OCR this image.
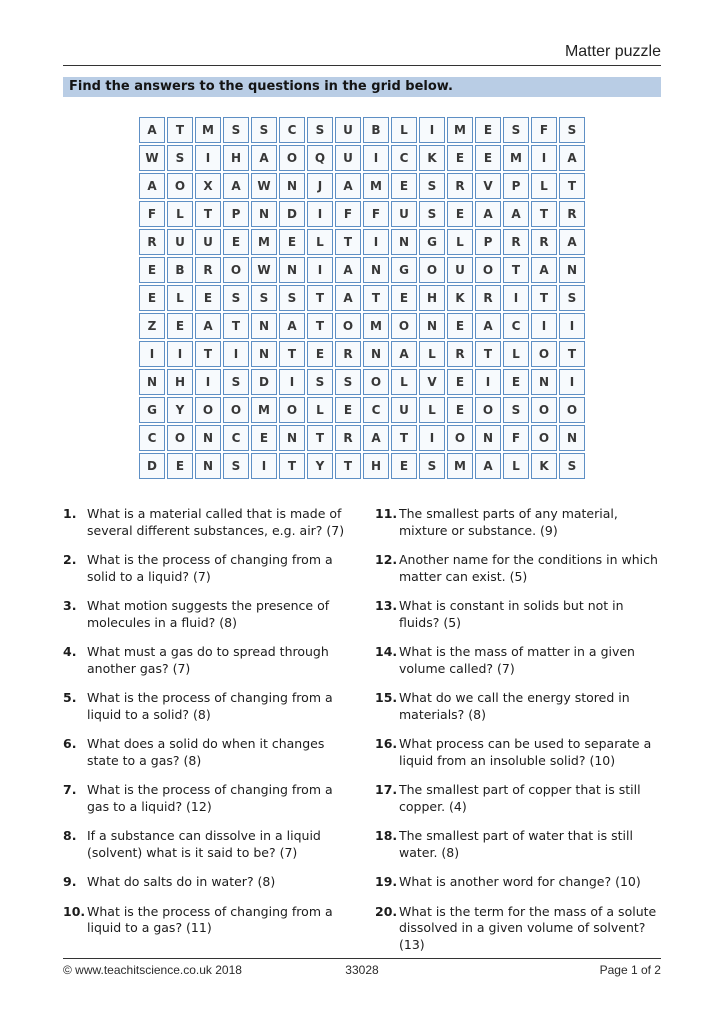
Matter puzzle
Find the answers to the questions in the grid below.
A	T	M	S	S	C	S	U	B	L	I	M	E	S	F	S
W	S	I	H	A	O	Q	U	I	C	K	E	E	M	I	A
A	O	X	A	W	N	J	A	M	E	S	R	V	P	L	T
F	L	T	P	N	D	I	F	F	U	S	E	A	A	T	R
R	U	U	E	M	E	L	T	I	N	G	L	P	R	R	A
E	B	R	O	W	N	I	A	N	G	O	U	O	T	A	N
E	L	E	S	S	S	T	A	T	E	H	K	R	I	T	S
Z	E	A	T	N	A	T	O	M	O	N	E	A	C	I	I
I	I	T	I	N	T	E	R	N	A	L	R	T	L	O	T
N	H	I	S	D	I	S	S	O	L	V	E	I	E	N	I
G	Y	O	O	M	O	L	E	C	U	L	E	O	S	O	O
C	O	N	C	E	N	T	R	A	T	I	O	N	F	O	N
D	E	N	S	I	T	Y	T	H	E	S	M	A	L	K	S
1. What is a material called that is made of several different substances, e.g. air? (7)
11. The smallest parts of any material, mixture or substance. (9)
2. What is the process of changing from a solid to a liquid? (7)
12. Another name for the conditions in which matter can exist. (5)
3. What motion suggests the presence of molecules in a fluid? (8)
13. What is constant in solids but not in fluids? (5)
4. What must a gas do to spread through another gas? (7)
14. What is the mass of matter in a given volume called? (7)
5. What is the process of changing from a liquid to a solid? (8)
15. What do we call the energy stored in materials? (8)
6. What does a solid do when it changes state to a gas? (8)
16. What process can be used to separate a liquid from an insoluble solid? (10)
7. What is the process of changing from a gas to a liquid? (12)
17. The smallest part of copper that is still copper. (4)
8. If a substance can dissolve in a liquid (solvent) what is it said to be? (7)
18. The smallest part of water that is still water. (8)
9. What do salts do in water? (8)	19. What is another word for change? (10)
10. What is the process of changing from a liquid to a gas? (11)
20. What is the term for the mass of a solute dissolved in a given volume of solvent? (13)
© www.teachitscience.co.uk 2018	33028	Page 1 of 2
